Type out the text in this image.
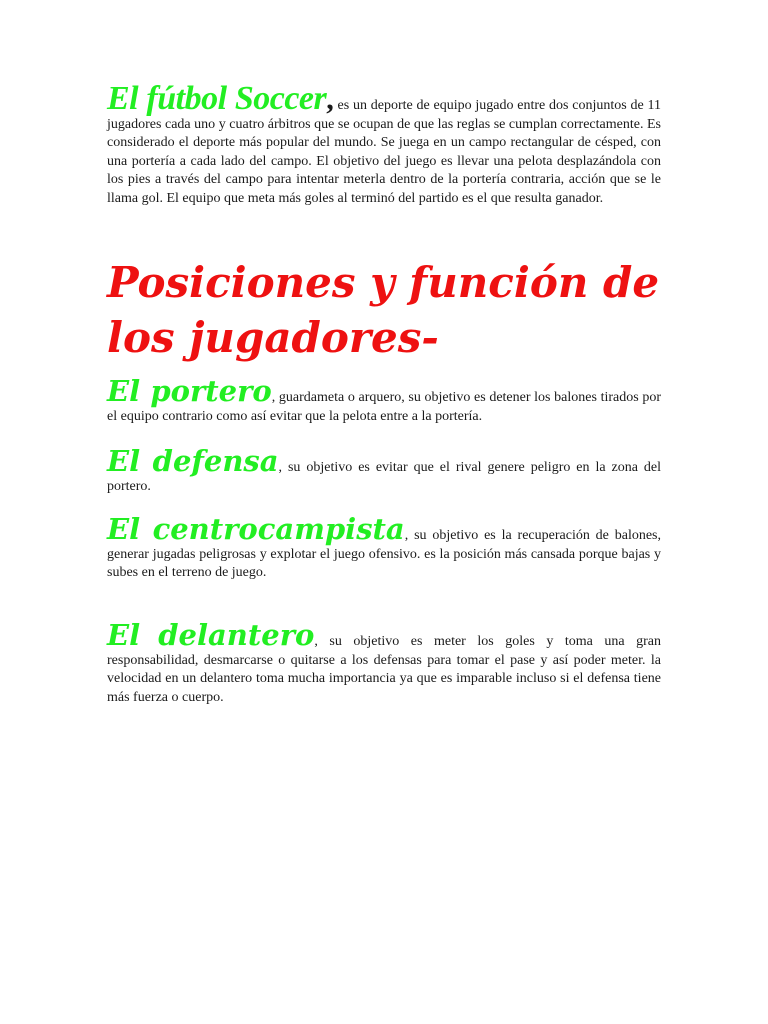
El fútbol Soccer, es un deporte de equipo jugado entre dos conjuntos de 11 jugadores cada uno y cuatro árbitros que se ocupan de que las reglas se cumplan correctamente. Es considerado el deporte más popular del mundo. Se juega en un campo rectangular de césped, con una portería a cada lado del campo. El objetivo del juego es llevar una pelota desplazándola con los pies a través del campo para intentar meterla dentro de la portería contraria, acción que se le llama gol. El equipo que meta más goles al terminó del partido es el que resulta ganador.

Posiciones y función de los jugadores-

El portero, guardameta o arquero, su objetivo es detener los balones tirados por el equipo contrario como así evitar que la pelota entre a la portería.

El defensa, su objetivo es evitar que el rival genere peligro en la zona del portero.

El centrocampista, su objetivo es la recuperación de balones, generar jugadas peligrosas y explotar el juego ofensivo. es la posición más cansada porque bajas y subes en el terreno de juego.

El delantero, su objetivo es meter los goles y toma una gran responsabilidad, desmarcarse o quitarse a los defensas para tomar el pase y así poder meter. la velocidad en un delantero toma mucha importancia ya que es imparable incluso si el defensa tiene más fuerza o cuerpo.
